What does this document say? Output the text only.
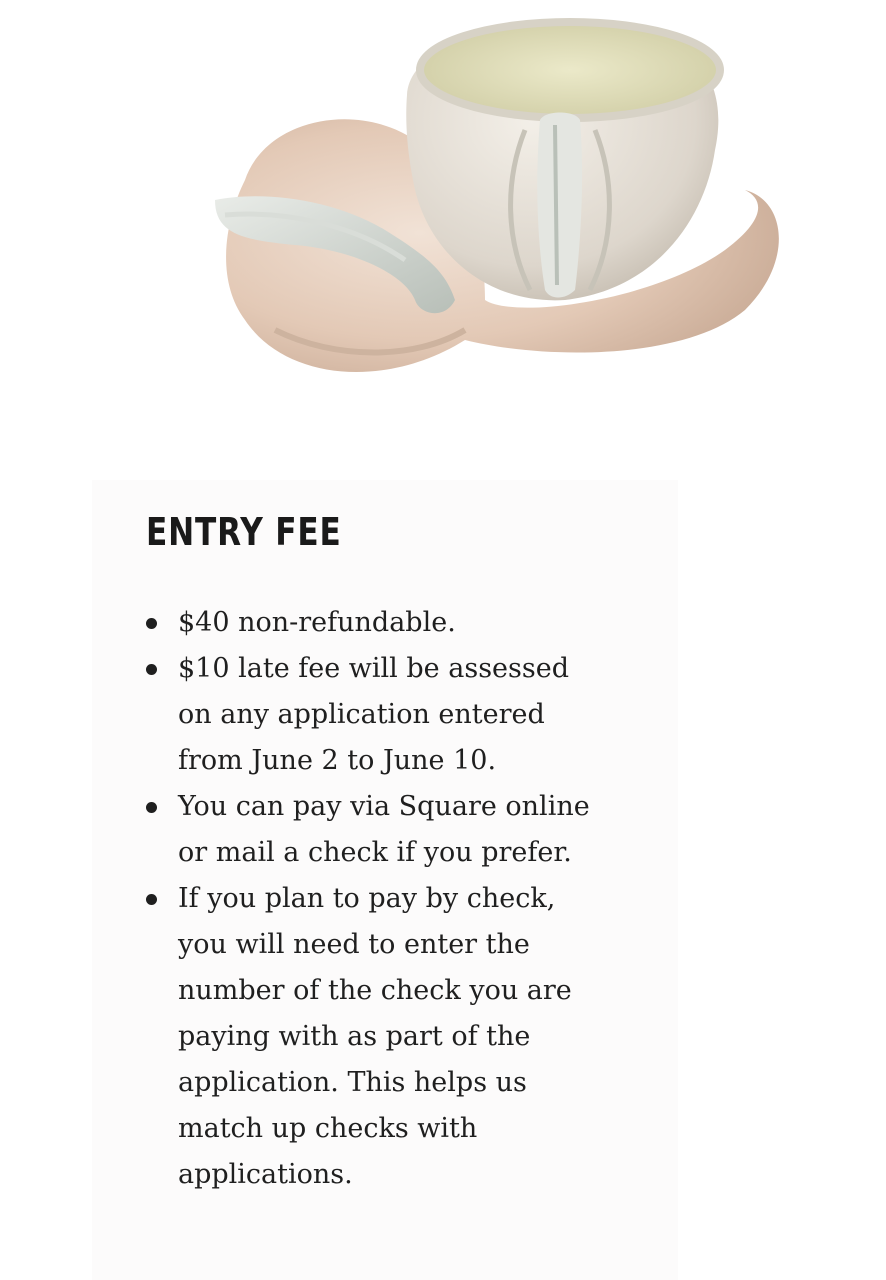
ENTRY FEE
$40 non-refundable.
$10 late fee will be assessed on any application entered from June 2 to June 10.
You can pay via Square online or mail a check if you prefer.
If you plan to pay by check, you will need to enter the number of the check you are paying with as part of the application. This helps us match up checks with applications.
